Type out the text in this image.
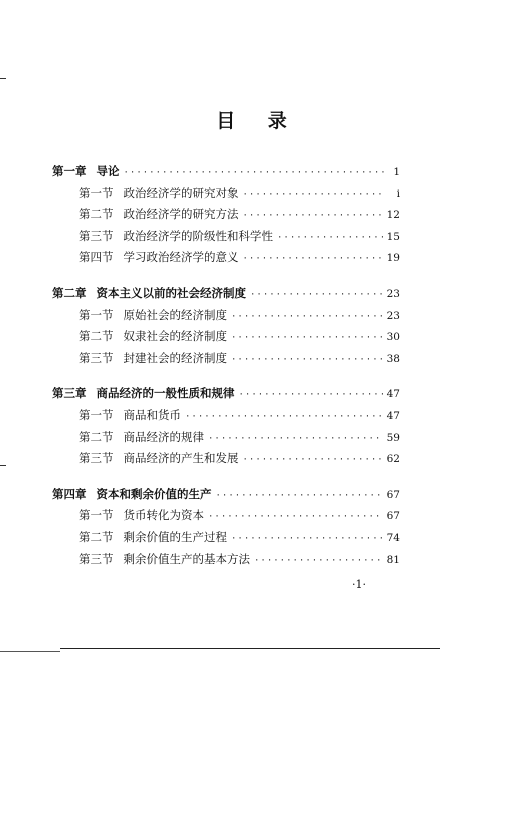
目 录
第一章 导论 ·····	1
第一节 政治经济学的研究对象 ·····	i
第二节 政治经济学的研究方法 ·····	12
第三节 政治经济学的阶级性和科学性 ·····	15
第四节 学习政治经济学的意义 ·····	19
第二章 资本主义以前的社会经济制度 ·····	23
第一节 原始社会的经济制度 ·····	23
第二节 奴隶社会的经济制度 ·····	30
第三节 封建社会的经济制度 ·····	38
第三章 商品经济的一般性质和规律 ·····	47
第一节 商品和货币 ·····	47
第二节 商品经济的规律 ·····	59
第三节 商品经济的产生和发展 ·····	62
第四章 资本和剩余价值的生产 ·····	67
第一节 货币转化为资本 ·····	67
第二节 剩余价值的生产过程 ·····	74
第三节 剩余价值生产的基本方法 ·····	81
·1·
